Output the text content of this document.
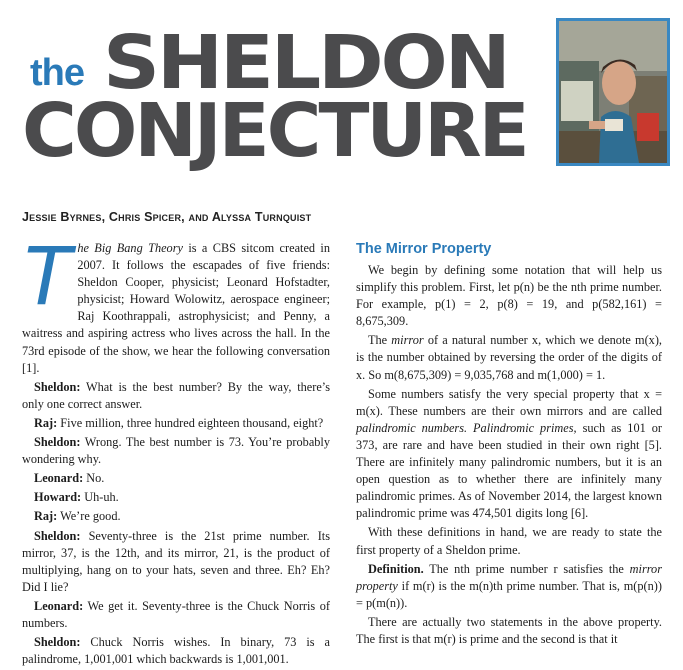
the SHELDON
CONJECTURE
Jessie Byrnes, Chris Spicer, and Alyssa Turnquist

The Big Bang Theory is a CBS sitcom created in 2007. It follows the escapades of five friends: Sheldon Cooper, physicist; Leonard Hofstadter, physicist; Howard Wolowitz, aerospace engineer; Raj Koothrappali, astrophysicist; and Penny, a waitress and aspiring actress who lives across the hall. In the 73rd episode of the show, we hear the following conversation [1].

Sheldon: What is the best number? By the way, there’s only one correct answer.

Raj: Five million, three hundred eighteen thousand, eight?

Sheldon: Wrong. The best number is 73. You’re probably wondering why.

Leonard: No.

Howard: Uh-uh.

Raj: We’re good.

Sheldon: Seventy-three is the 21st prime number. Its mirror, 37, is the 12th, and its mirror, 21, is the product of multiplying, hang on to your hats, seven and three. Eh? Eh? Did I lie?

Leonard: We get it. Seventy-three is the Chuck Norris of numbers.

Sheldon: Chuck Norris wishes. In binary, 73 is a palindrome, 1,001,001 which backwards is 1,001,001.

The Mirror Property

We begin by defining some notation that will help us simplify this problem. First, let p(n) be the nth prime number. For example, p(1) = 2, p(8) = 19, and p(582,161) = 8,675,309.

The mirror of a natural number x, which we denote m(x), is the number obtained by reversing the order of the digits of x. So m(8,675,309) = 9,035,768 and m(1,000) = 1.

Some numbers satisfy the very special property that x = m(x). These numbers are their own mirrors and are called palindromic numbers. Palindromic primes, such as 101 or 373, are rare and have been studied in their own right [5]. There are infinitely many palindromic numbers, but it is an open question as to whether there are infinitely many palindromic primes. As of November 2014, the largest known palindromic prime was 474,501 digits long [6].

With these definitions in hand, we are ready to state the first property of a Sheldon prime.

Definition. The nth prime number r satisfies the mirror property if m(r) is the m(n)th prime number. That is, m(p(n)) = p(m(n)).

There are actually two statements in the above property. The first is that m(r) is prime and the second is that it
